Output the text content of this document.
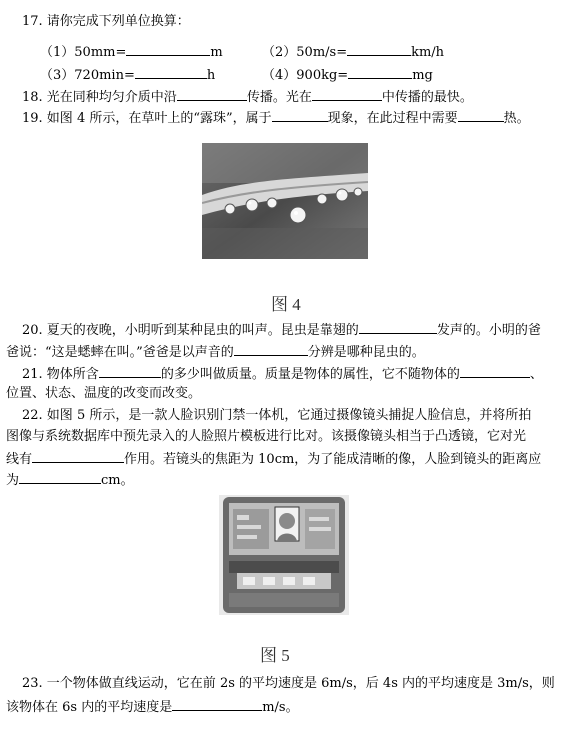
17. 请你完成下列单位换算：
（1）50mm=	m	（2）50m/s=	km/h
（3）720min=	h	（4）900kg=	mg
18. 光在同种均匀介质中沿	传播。光在	中传播的最快。
19. 如图 4 所示，在草叶上的“露珠”，属于	现象，在此过程中需要	热。
图 4
20. 夏天的夜晚，小明听到某种昆虫的叫声。昆虫是靠翅的	发声的。小明的爸
爸说：“这是蟋蟀在叫。”爸爸是以声音的	分辨是哪种昆虫的。
21. 物体所含	的多少叫做质量。质量是物体的属性，它不随物体的	、
位置、状态、温度的改变而改变。
22. 如图 5 所示，是一款人脸识别门禁一体机，它通过摄像镜头捕捉人脸信息，并将所拍
图像与系统数据库中预先录入的人脸照片模板进行比对。该摄像镜头相当于凸透镜，它对光
线有	作用。若镜头的焦距为 10cm，为了能成清晰的像，人脸到镜头的距离应
为	cm。
图 5
23. 一个物体做直线运动，它在前 2s 的平均速度是 6m/s，后 4s 内的平均速度是 3m/s，则
该物体在 6s 内的平均速度是	m/s。
